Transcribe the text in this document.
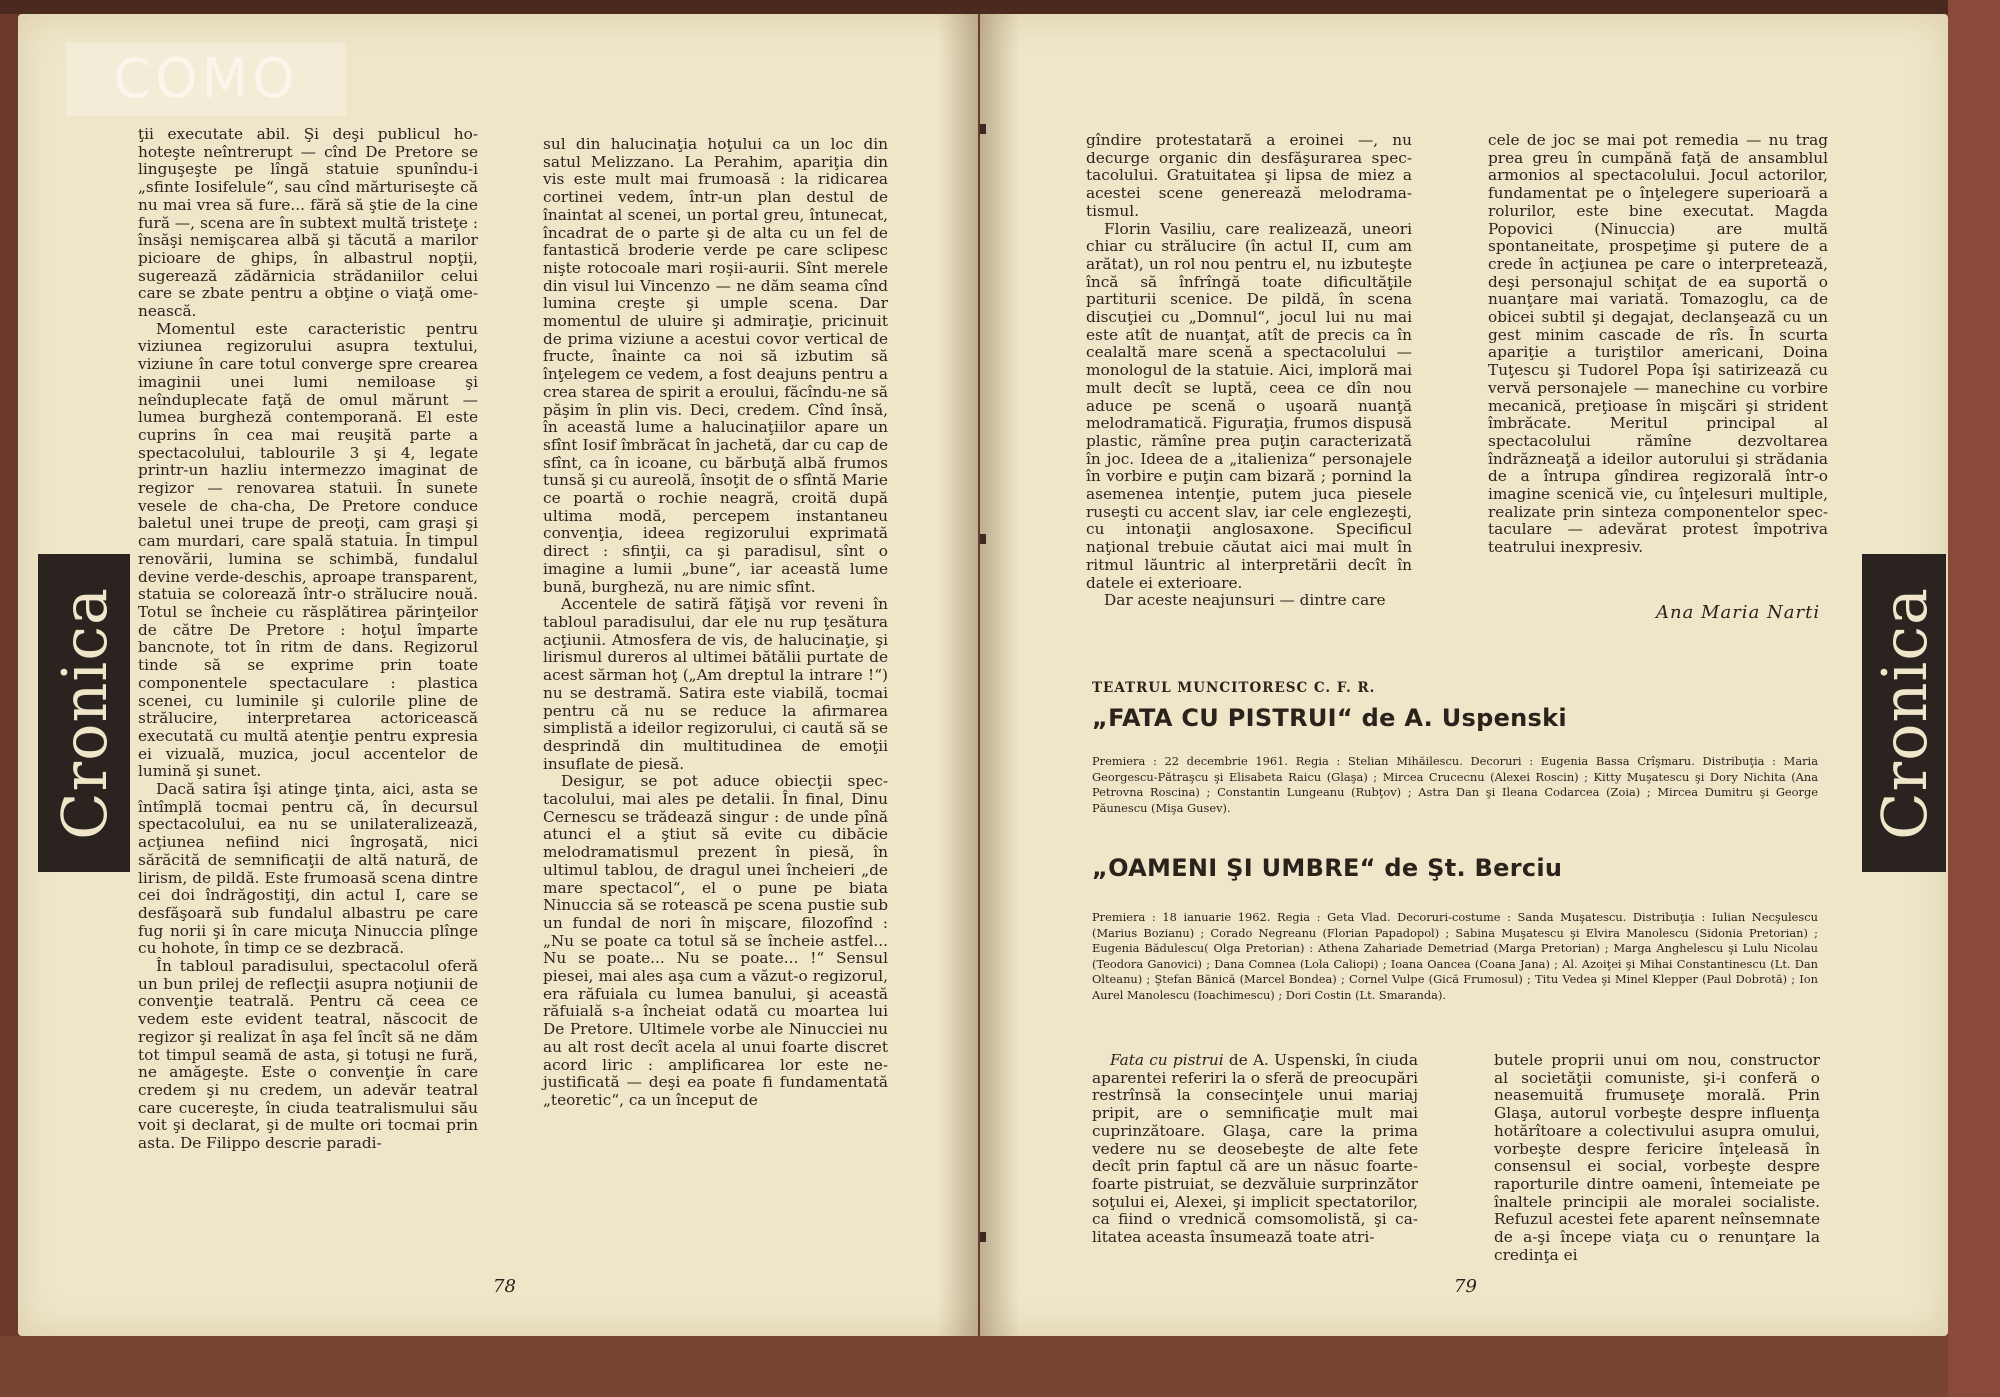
COMO
Cronica

ţii executate abil. Şi deşi publicul hohoteşte neîntrerupt — cînd De Pretore se linguşeşte pe lîngă statuie spunîndu-i „sfinte Iosifelule“, sau cînd mărturiseşte că nu mai vrea să fure... fără să ştie de la cine fură —, scena are în subtext multă tristeţe : însăşi nemişcarea albă şi tăcută a marilor picioare de ghips, în albastrul nopţii, sugerează zădărnicia strădaniilor celui care se zbate pentru a obţine o viaţă omenească.

Momentul este caracteristic pentru viziunea regizorului asupra textului, viziune în care totul converge spre crearea imaginii unei lumi nemiloase şi neînduplecate faţă de omul mărunt — lumea burgheză contemporană. El este cuprins în cea mai reuşită parte a spectacolului, tablourile 3 şi 4, legate printr-un hazliu intermezzo imaginat de regizor — renovarea statuii. În sunete vesele de cha-cha, De Pretore conduce baletul unei trupe de preoţi, cam graşi şi cam murdari, care spală statuia. În timpul renovării, lumina se schimbă, fundalul devine verde-deschis, aproape transparent, statuia se colorează într-o strălucire nouă. Totul se încheie cu răsplătirea părinţeilor de către De Pretore : hoţul împarte bancnote, tot în ritm de dans. Regizorul tinde să se exprime prin toate componentele spectaculare : plastica scenei, cu luminile şi culorile pline de strălucire, interpretarea actoricească executată cu multă atenţie pentru expresia ei vizuală, muzica, jocul accentelor de lumină şi sunet.

Dacă satira îşi atinge ţinta, aici, asta se întîmplă tocmai pentru că, în decursul spectacolului, ea nu se unilateralizează, acţiunea nefiind nici îngroşată, nici sărăcită de semnificaţii de altă natură, de lirism, de pildă. Este frumoasă scena dintre cei doi îndrăgostiţi, din actul I, care se desfăşoară sub fundalul albastru pe care fug norii şi în care micuţa Ninuccia plînge cu hohote, în timp ce se dezbracă.

În tabloul paradisului, spectacolul oferă un bun prilej de reflecţii asupra noţiunii de convenţie teatrală. Pentru că ceea ce vedem este evident teatral, născocit de regizor şi realizat în aşa fel încît să ne dăm tot timpul seamă de asta, şi totuşi ne fură, ne amăgeşte. Este o convenţie în care credem şi nu credem, un adevăr teatral care cucereşte, în ciuda teatralismului său voit şi declarat, şi de multe ori tocmai prin asta. De Filippo descrie paradi-

sul din halucinaţia hoţului ca un loc din satul Melizzano. La Perahim, apariţia din vis este mult mai frumoasă : la ridicarea cortinei vedem, într-un plan destul de înaintat al scenei, un portal greu, întunecat, încadrat de o parte şi de alta cu un fel de fantastică broderie verde pe care sclipesc nişte rotocoale mari roşii-aurii. Sînt merele din visul lui Vincenzo — ne dăm seama cînd lumina creşte şi umple scena. Dar momentul de uluire şi admiraţie, pricinuit de prima viziune a acestui covor vertical de fructe, înainte ca noi să izbutim să înţelegem ce vedem, a fost deajuns pentru a crea starea de spirit a eroului, făcîndu-ne să păşim în plin vis. Deci, credem. Cînd însă, în această lume a halucinaţiilor apare un sfînt Iosif îmbrăcat în jachetă, dar cu cap de sfînt, ca în icoane, cu bărbuţă albă frumos tunsă şi cu aureolă, însoţit de o sfîntă Marie ce poartă o rochie neagră, croită după ultima modă, percepem instantaneu convenţia, ideea regizorului exprimată direct : sfinţii, ca şi paradisul, sînt o imagine a lumii „bune“, iar această lume bună, burgheză, nu are nimic sfînt.

Accentele de satiră făţişă vor reveni în tabloul paradisului, dar ele nu rup ţesătura acţiunii. Atmosfera de vis, de halucinaţie, şi lirismul dureros al ultimei bătălii purtate de acest sărman hoţ („Am dreptul la intrare !“) nu se destramă. Satira este viabilă, tocmai pentru că nu se reduce la afirmarea simplistă a ideilor regizorului, ci caută să se desprindă din multitudinea de emoţii insuflate de piesă.

Desigur, se pot aduce obiecţii spectacolului, mai ales pe detalii. În final, Dinu Cernescu se trădează singur : de unde pînă atunci el a ştiut să evite cu dibăcie melodramatismul prezent în piesă, în ultimul tablou, de dragul unei încheieri „de mare spectacol“, el o pune pe biata Ninuccia să se rotească pe scena pustie sub un fundal de nori în mişcare, filozofînd : „Nu se poate ca totul să se încheie astfel... Nu se poate... Nu se poate... !“ Sensul piesei, mai ales aşa cum a văzut-o regizorul, era răfuiala cu lumea banului, şi această răfuială s-a încheiat odată cu moartea lui De Pretore. Ultimele vorbe ale Ninucciei nu au alt rost decît acela al unui foarte discret acord liric : amplificarea lor este nejustificată — deşi ea poate fi fundamentată „teoretic“, ca un început de

78
Cronica

gîndire protestatară a eroinei —, nu decurge organic din desfăşurarea spectacolului. Gratuitatea şi lipsa de miez a acestei scene generează melodramatismul.

Florin Vasiliu, care realizează, uneori chiar cu strălucire (în actul II, cum am arătat), un rol nou pentru el, nu izbuteşte încă să înfrîngă toate dificultăţile partiturii scenice. De pildă, în scena discuţiei cu „Domnul“, jocul lui nu mai este atît de nuanţat, atît de precis ca în cealaltă mare scenă a spectacolului — monologul de la statuie. Aici, imploră mai mult decît se luptă, ceea ce dîn nou aduce pe scenă o uşoară nuanţă melodramatică. Figuraţia, frumos dispusă plastic, rămîne prea puţin caracterizată în joc. Ideea de a „italieniza“ personajele în vorbire e puţin cam bizară ; pornind la asemenea intenţie, putem juca piesele ruseşti cu accent slav, iar cele englezeşti, cu intonaţii anglosaxone. Specificul naţional trebuie căutat aici mai mult în ritmul lăuntric al interpretării decît în datele ei exterioare.

Dar aceste neajunsuri — dintre care

cele de joc se mai pot remedia — nu trag prea greu în cumpănă faţă de ansamblul armonios al spectacolului. Jocul actorilor, fundamentat pe o înţelegere superioară a rolurilor, este bine executat. Magda Popovici (Ninuccia) are multă spontaneitate, prospeţime şi putere de a crede în acţiunea pe care o interpretează, deşi personajul schiţat de ea suportă o nuanţare mai variată. Tomazoglu, ca de obicei subtil şi degajat, declanşează cu un gest minim cascade de rîs. În scurta apariţie a turiştilor americani, Doina Tuţescu şi Tudorel Popa îşi satirizează cu vervă personajele — manechine cu vorbire mecanică, preţioase în mişcări şi strident îmbrăcate. Meritul principal al spectacolului rămîne dezvoltarea îndrăzneaţă a ideilor autorului şi strădania de a întrupa gîndirea regizorală într-o imagine scenică vie, cu înţelesuri multiple, realizate prin sinteza componentelor spectaculare — adevărat protest împotriva teatrului inexpresiv.

Ana Maria Narti
TEATRUL MUNCITORESC C. F. R.
„FATA CU PISTRUI“ de A. Uspenski
Premiera : 22 decembrie 1961. Regia : Stelian Mihăilescu. Decoruri : Eugenia Bassa Crîşmaru. Distribuţia : Maria Georgescu-Pătraşcu şi Elisabeta Raicu (Glaşa) ; Mircea Crucecnu (Alexei Roscin) ; Kitty Muşatescu şi Dory Nichita (Ana Petrovna Roscina) ; Constantin Lungeanu (Rubţov) ; Astra Dan şi Ileana Codarcea (Zoia) ; Mircea Dumitru şi George Păunescu (Mişa Gusev).
„OAMENI ŞI UMBRE“ de Şt. Berciu
Premiera : 18 ianuarie 1962. Regia : Geta Vlad. Decoruri-costume : Sanda Muşatescu. Distribuţia : Iulian Necşulescu (Marius Bozianu) ; Corado Negreanu (Florian Papadopol) ; Sabina Muşatescu şi Elvira Manolescu (Sidonia Pretorian) ; Eugenia Bădulescu( Olga Pretorian) : Athena Zahariade Demetriad (Marga Pretorian) ; Marga Anghelescu şi Lulu Nicolau (Teodora Ganovici) ; Dana Comnea (Lola Caliopi) ; Ioana Oancea (Coana Jana) ; Al. Azoiţei şi Mihai Constantinescu (Lt. Dan Olteanu) ; Ştefan Bănică (Marcel Bondea) ; Cornel Vulpe (Gică Frumosul) ; Titu Vedea şi Minel Klepper (Paul Dobrotă) ; Ion Aurel Manolescu (Ioachimescu) ; Dori Costin (Lt. Smaranda).

Fata cu pistrui de A. Uspenski, în ciuda aparentei referiri la o sferă de preocupări restrînsă la consecinţele unui mariaj pripit, are o semnificaţie mult mai cuprinzătoare. Glaşa, care la prima vedere nu se deosebeşte de alte fete decît prin faptul că are un năsuc foarte-foarte pistruiat, se dezvăluie surprinzător soţului ei, Alexei, şi implicit spectatorilor, ca fiind o vrednică comsomolistă, şi calitatea aceasta însumează toate atri-

butele proprii unui om nou, constructor al societăţii comuniste, şi-i conferă o neasemuită frumuseţe morală. Prin Glaşa, autorul vorbeşte despre influenţa hotărîtoare a colectivului asupra omului, vorbeşte despre fericire înţeleasă în consensul ei social, vorbeşte despre raporturile dintre oameni, întemeiate pe înaltele principii ale moralei socialiste. Refuzul acestei fete aparent neînsemnate de a-şi începe viaţa cu o renunţare la credinţa ei

79
